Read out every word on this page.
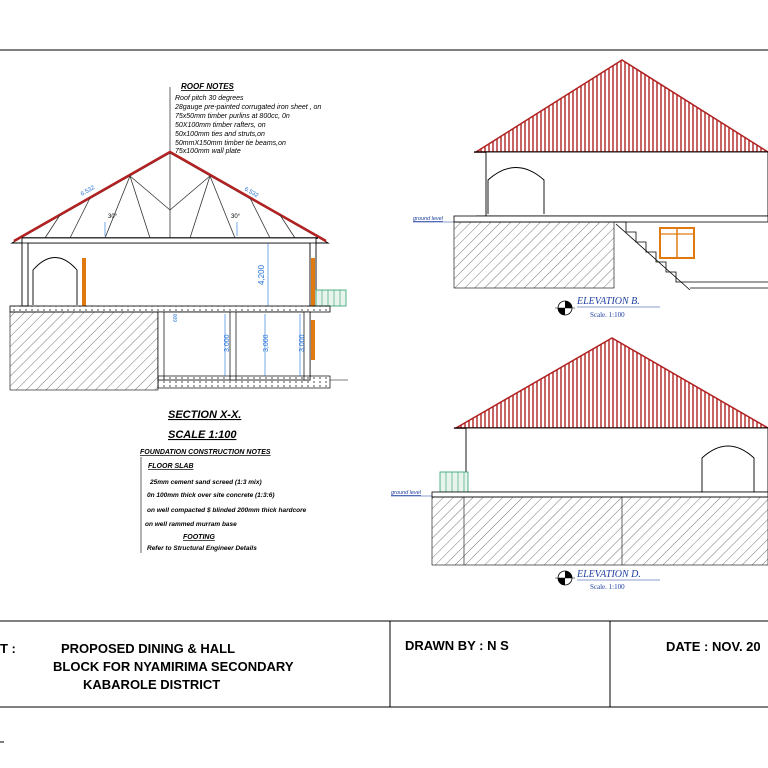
ROOF NOTES
Roof pitch 30 degrees
28gauge pre-painted corrugated iron sheet , on
75x50mm timber purlins at 800cc, 0n
50X100mm timber rafters, on
50x100mm ties and struts,on
50mmX150mm timber tie beams,on
75x100mm wall plate
6.532	6.532
30°	30°
4,200
3,000	3,000	3,000
600
SECTION X-X.
SCALE 1:100
FOUNDATION CONSTRUCTION NOTES
FLOOR SLAB
25mm cement sand screed (1:3 mix)
0n 100mm thick over site concrete (1:3:6)
on well compacted $ blinded 200mm thick hardcore
on well rammed murram base
FOOTING
Refer to Structural Engineer Details
ground level
ELEVATION B.
Scale. 1:100
ground level
ELEVATION D.
Scale. 1:100
T :	PROPOSED DINING & HALL
BLOCK FOR NYAMIRIMA SECONDARY
KABAROLE DISTRICT
DRAWN BY : N S	DATE : NOV. 20
